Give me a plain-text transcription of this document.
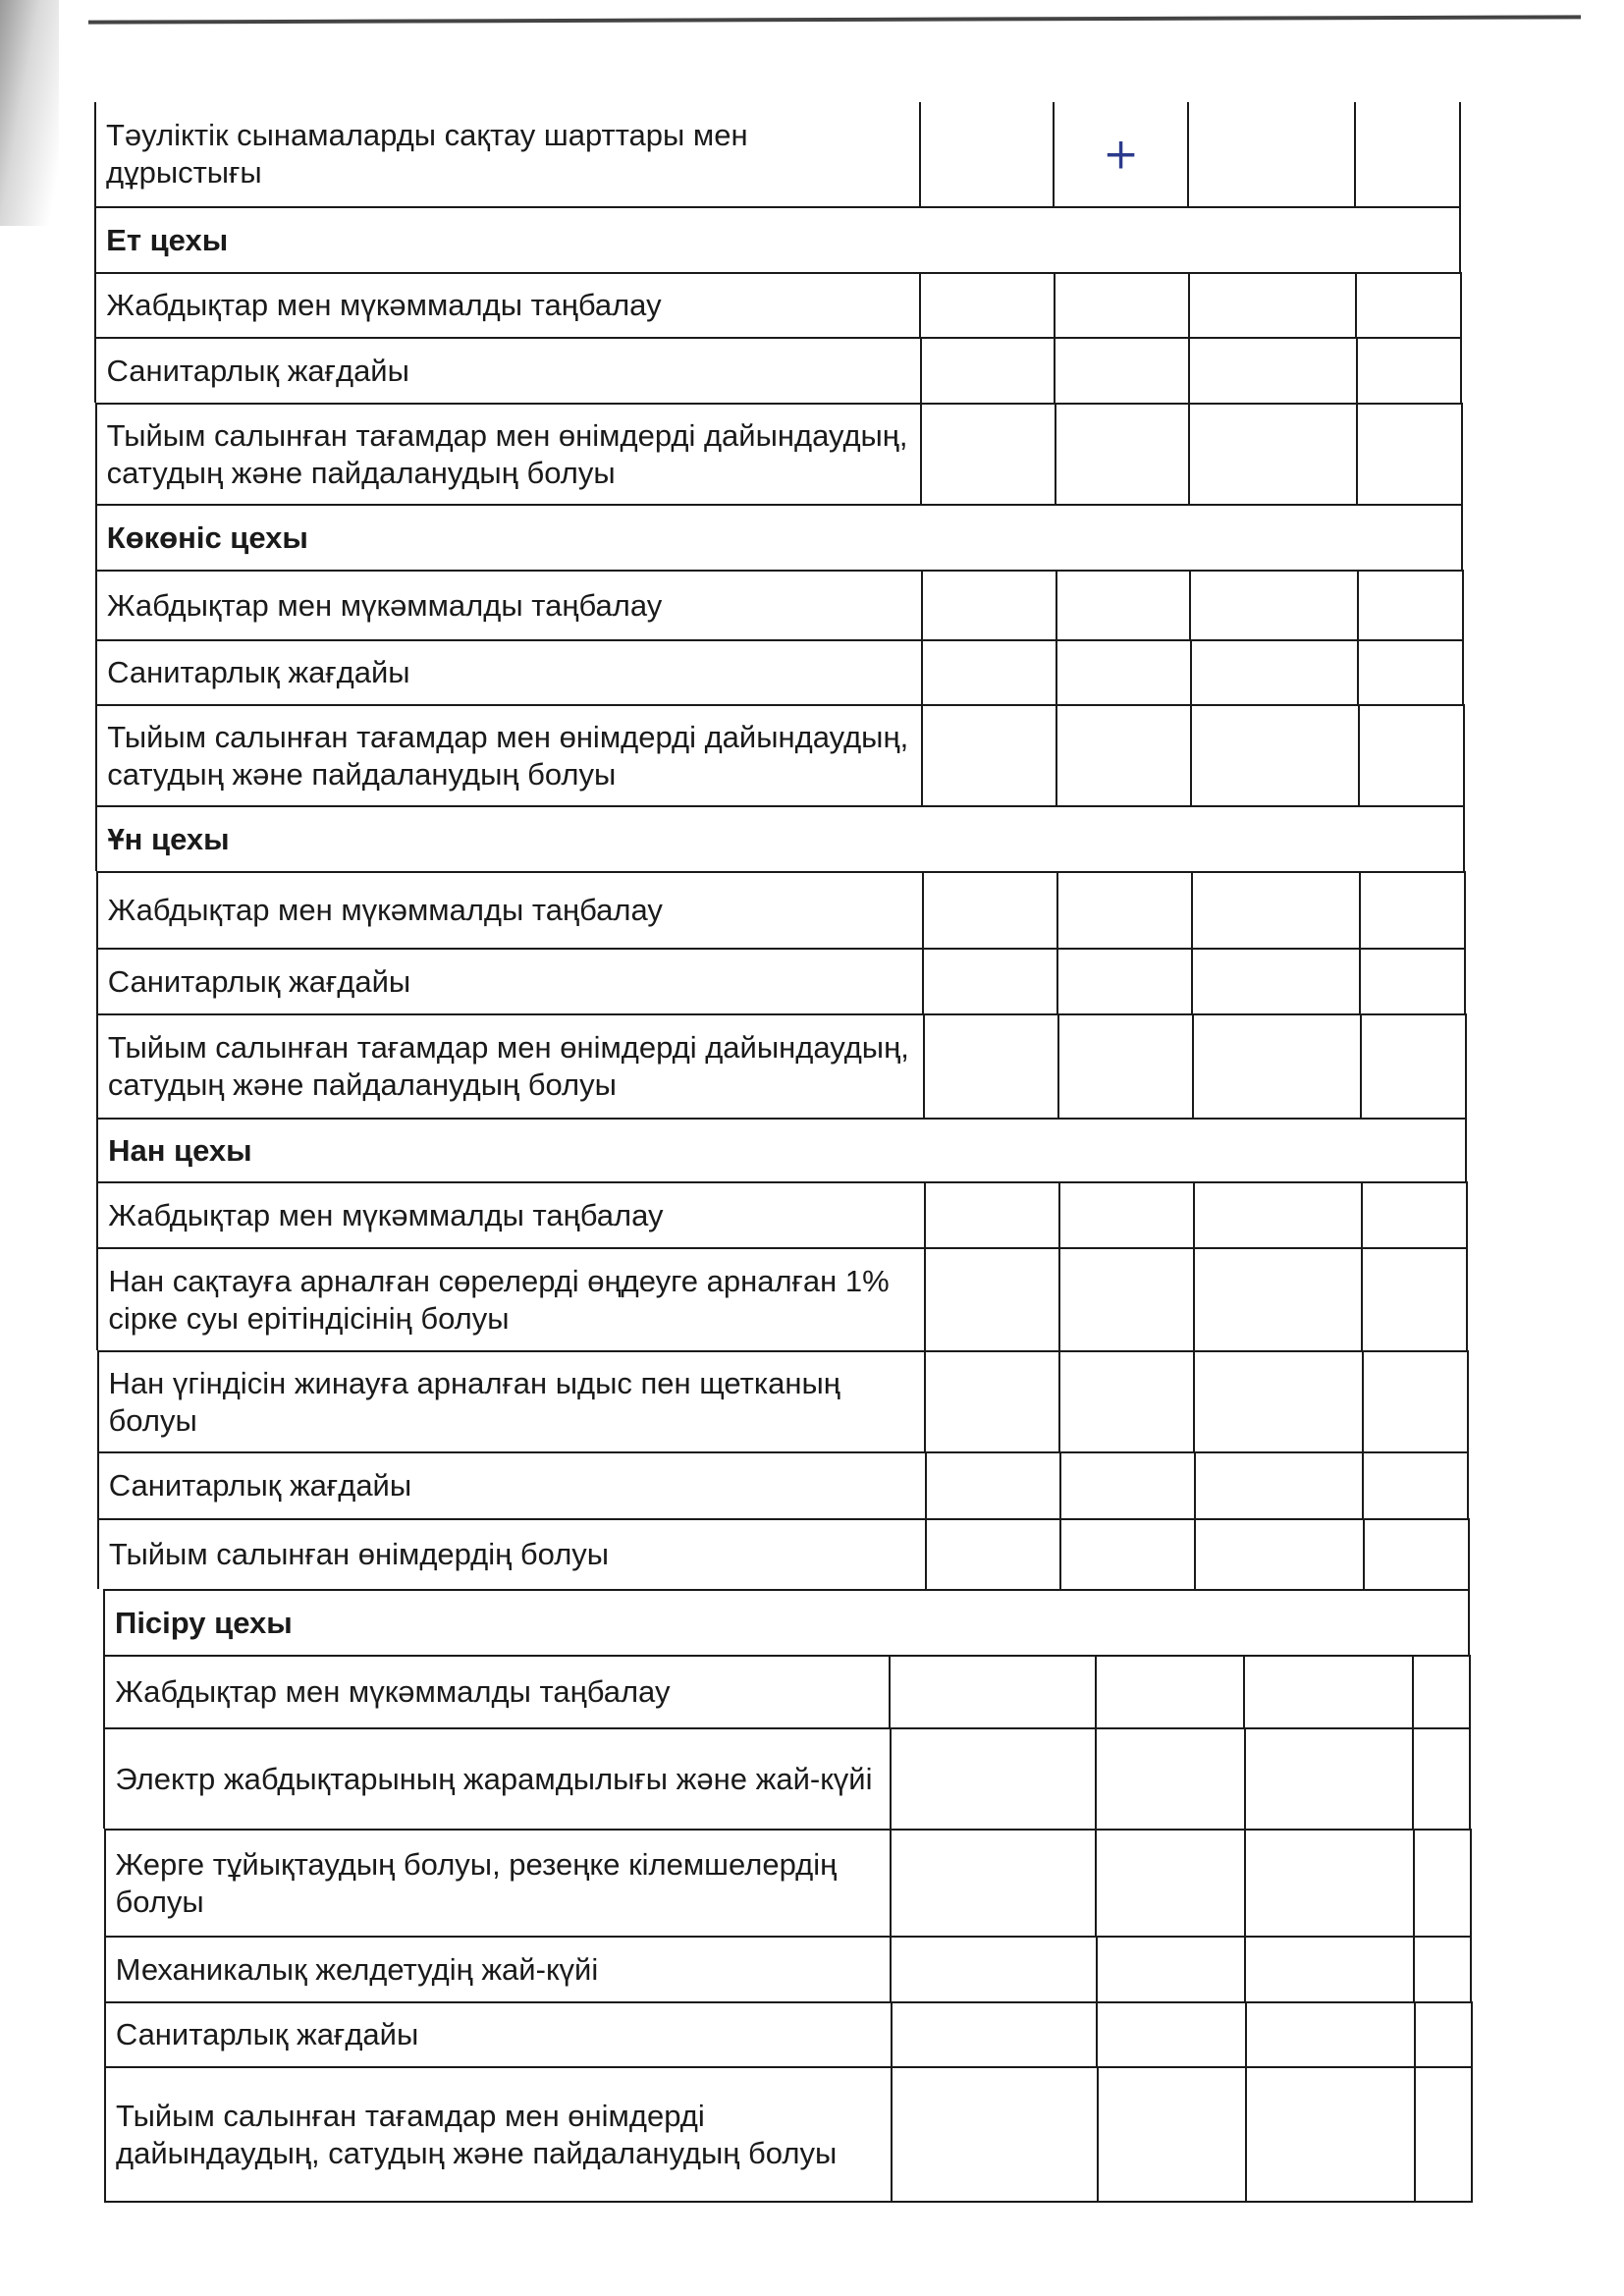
Тәуліктік сынамаларды сақтау шарттары мен дұрыстығы	+
Ет цехы
Жабдықтар мен мүкәммалды таңбалау
Санитарлық жағдайы
Тыйым салынған тағамдар мен өнімдерді дайындаудың, сатудың және пайдаланудың болуы
Көкөніс цехы
Жабдықтар мен мүкәммалды таңбалау
Санитарлық жағдайы
Тыйым салынған тағамдар мен өнімдерді дайындаудың, сатудың және пайдаланудың болуы
Ұн цехы
Жабдықтар мен мүкәммалды таңбалау
Санитарлық жағдайы
Тыйым салынған тағамдар мен өнімдерді дайындаудың, сатудың және пайдаланудың болуы
Нан цехы
Жабдықтар мен мүкәммалды таңбалау
Нан сақтауға арналған сөрелерді өңдеуге арналған 1% сірке суы ерітіндісінің болуы
Нан үгіндісін жинауға арналған ыдыс пен щетканың болуы
Санитарлық жағдайы
Тыйым салынған өнімдердің болуы
Пісіру цехы
Жабдықтар мен мүкәммалды таңбалау
Электр жабдықтарының жарамдылығы және жай-күйі
Жерге тұйықтаудың болуы, резеңке кілемшелердің болуы
Механикалық желдетудің жай-күйі
Санитарлық жағдайы
Тыйым салынған тағамдар мен өнімдерді дайындаудың, сатудың және пайдаланудың болуы
